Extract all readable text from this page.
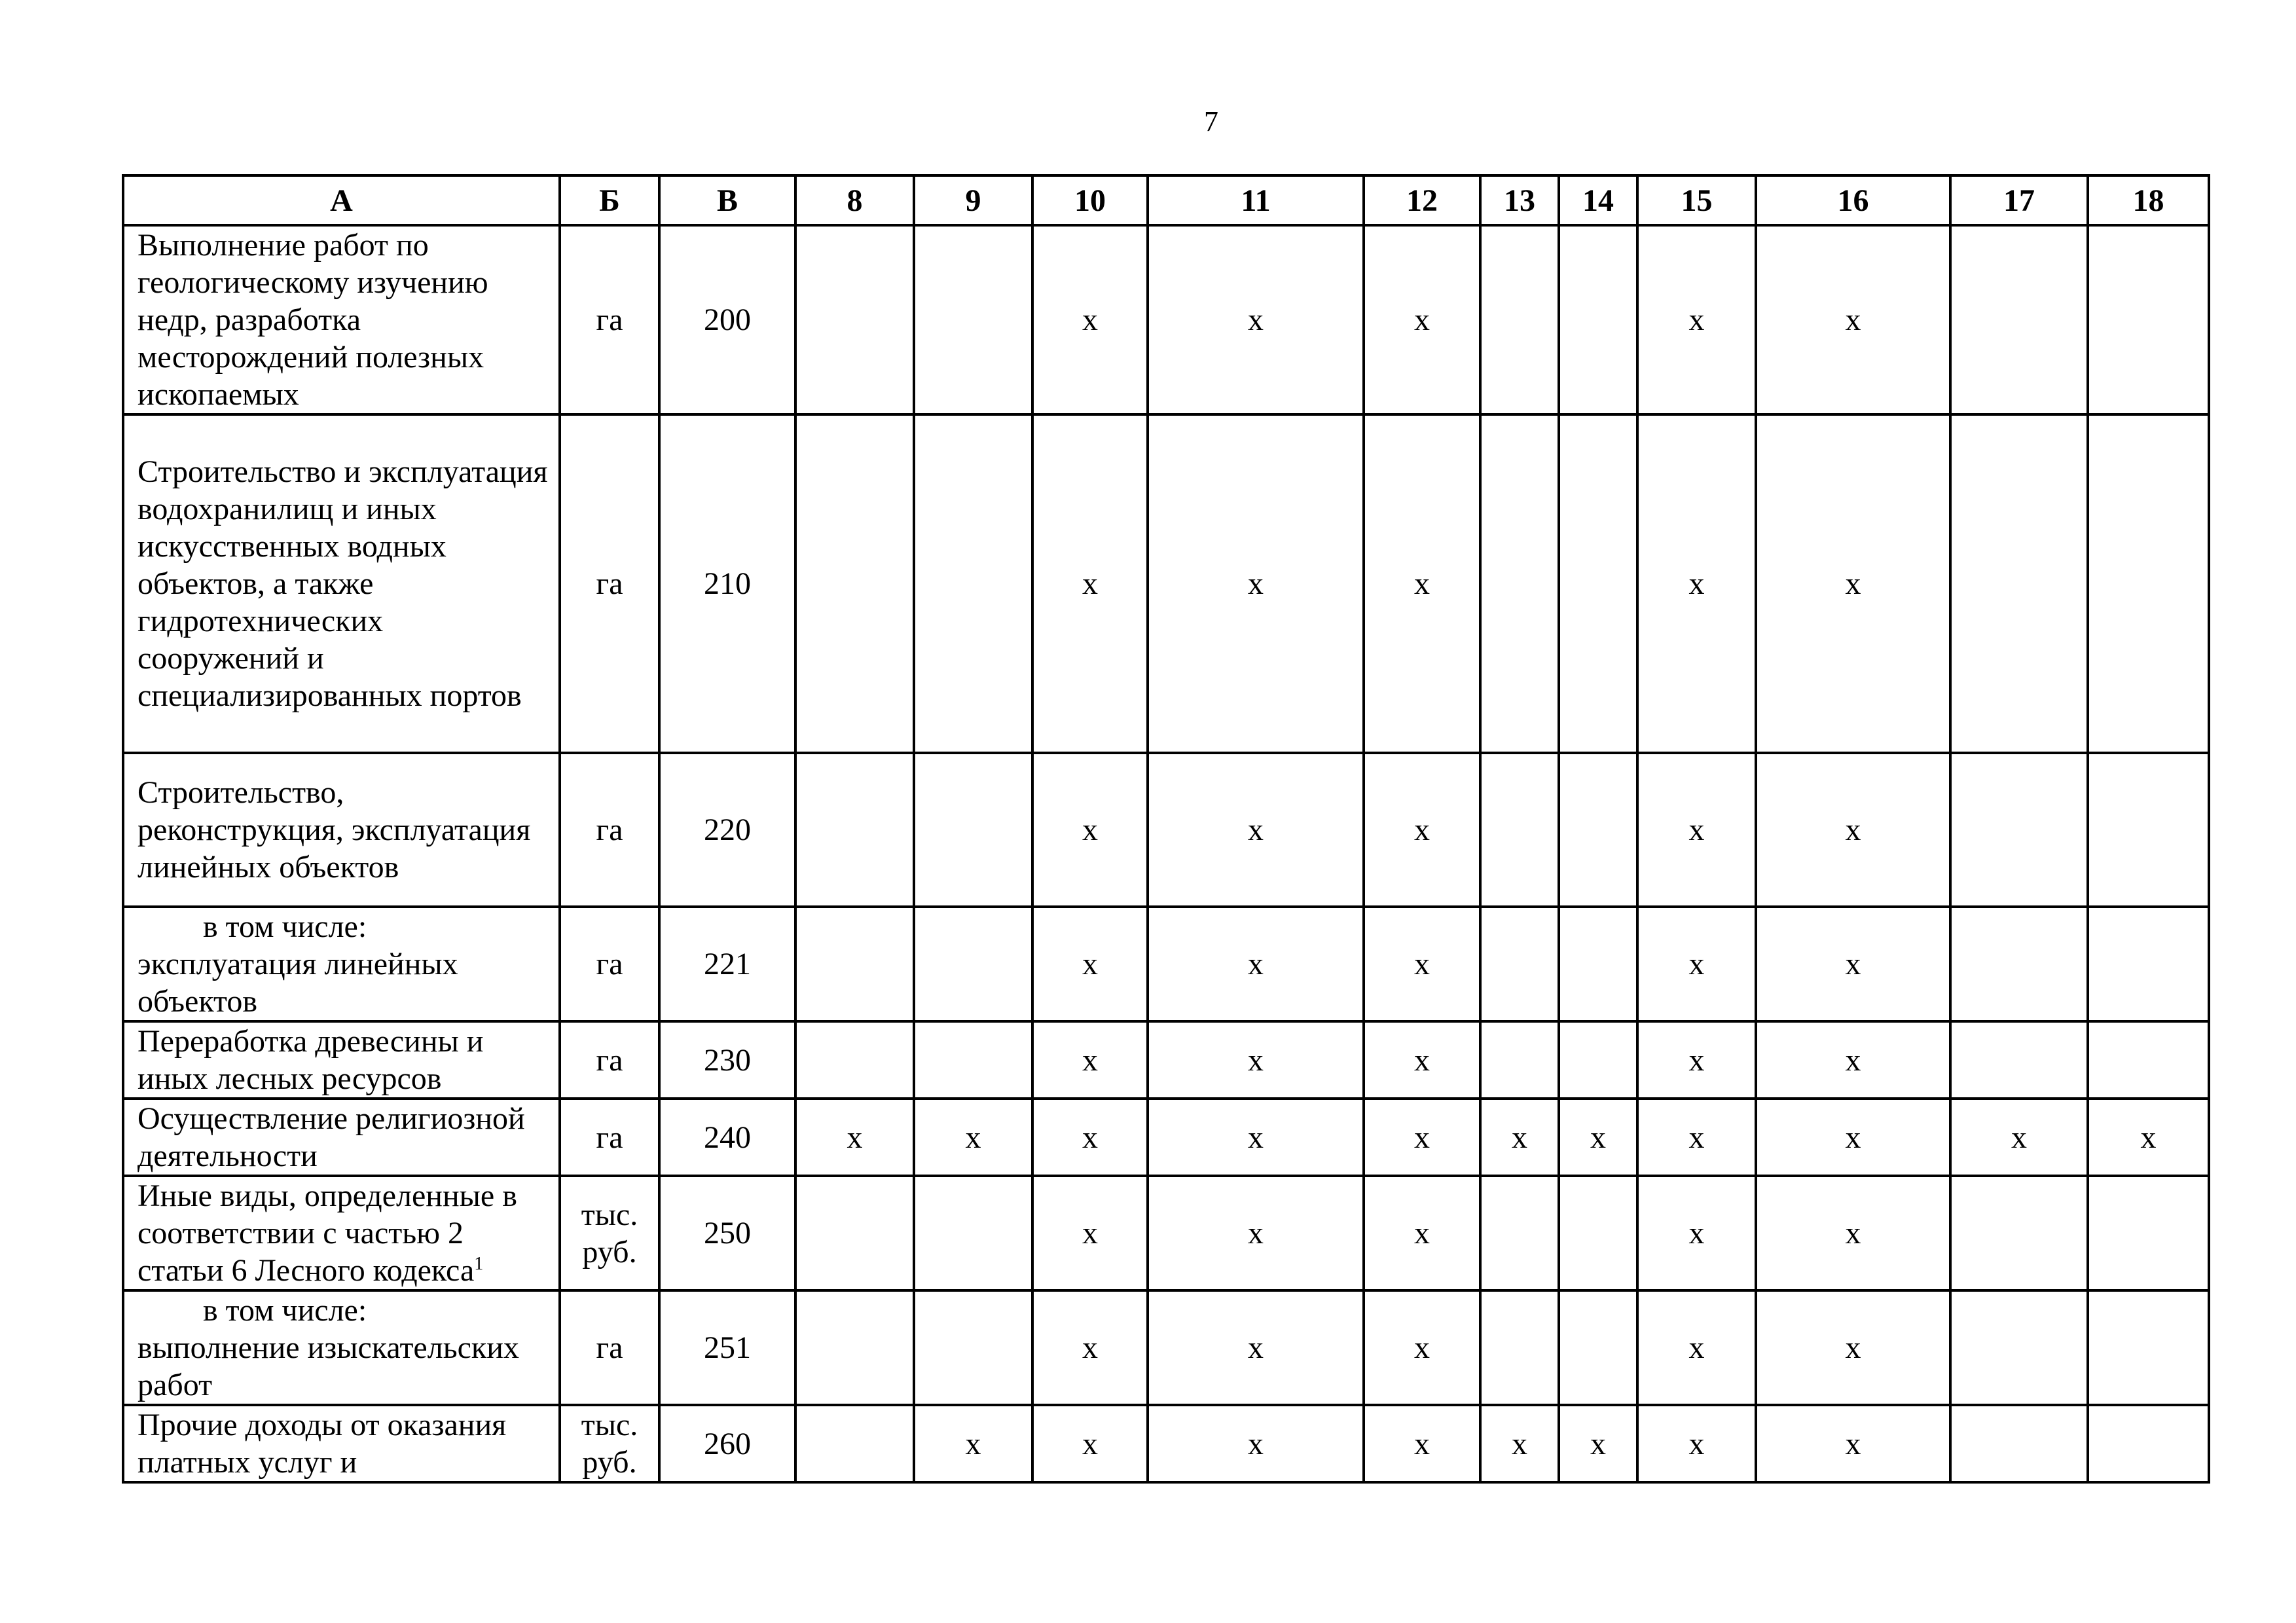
7
А	Б	В	8	9	10	11	12	13	14	15	16	17	18
Выполнение работ по геологическому изучению недр, разработка месторождений полезных ископаемых	га	200			х	х	х			х	х		
Строительство и эксплуатация водохранилищ и иных искусственных водных объектов, а также гидротехнических сооружений и специализированных портов	га	210			х	х	х			х	х		
Строительство, реконструкция, эксплуатация линейных объектов	га	220			х	х	х			х	х		

в том числе:
эксплуатация линейных объектов	га	221			х	х	х			х	х		
Переработка древесины и иных лесных ресурсов	га	230			х	х	х			х	х		
Осуществление религиозной деятельности	га	240	х	х	х	х	х	х	х	х	х	х	х
Иные виды, определенные в соответствии с частью 2 статьи 6 Лесного кодекса$^1$	тыс. руб.	250			х	х	х			х	х		

в том числе:
выполнение изыскательских работ	га	251			х	х	х			х	х		
Прочие доходы от оказания платных услуг и	тыс. руб.	260		х	х	х	х	х	х	х	х		
